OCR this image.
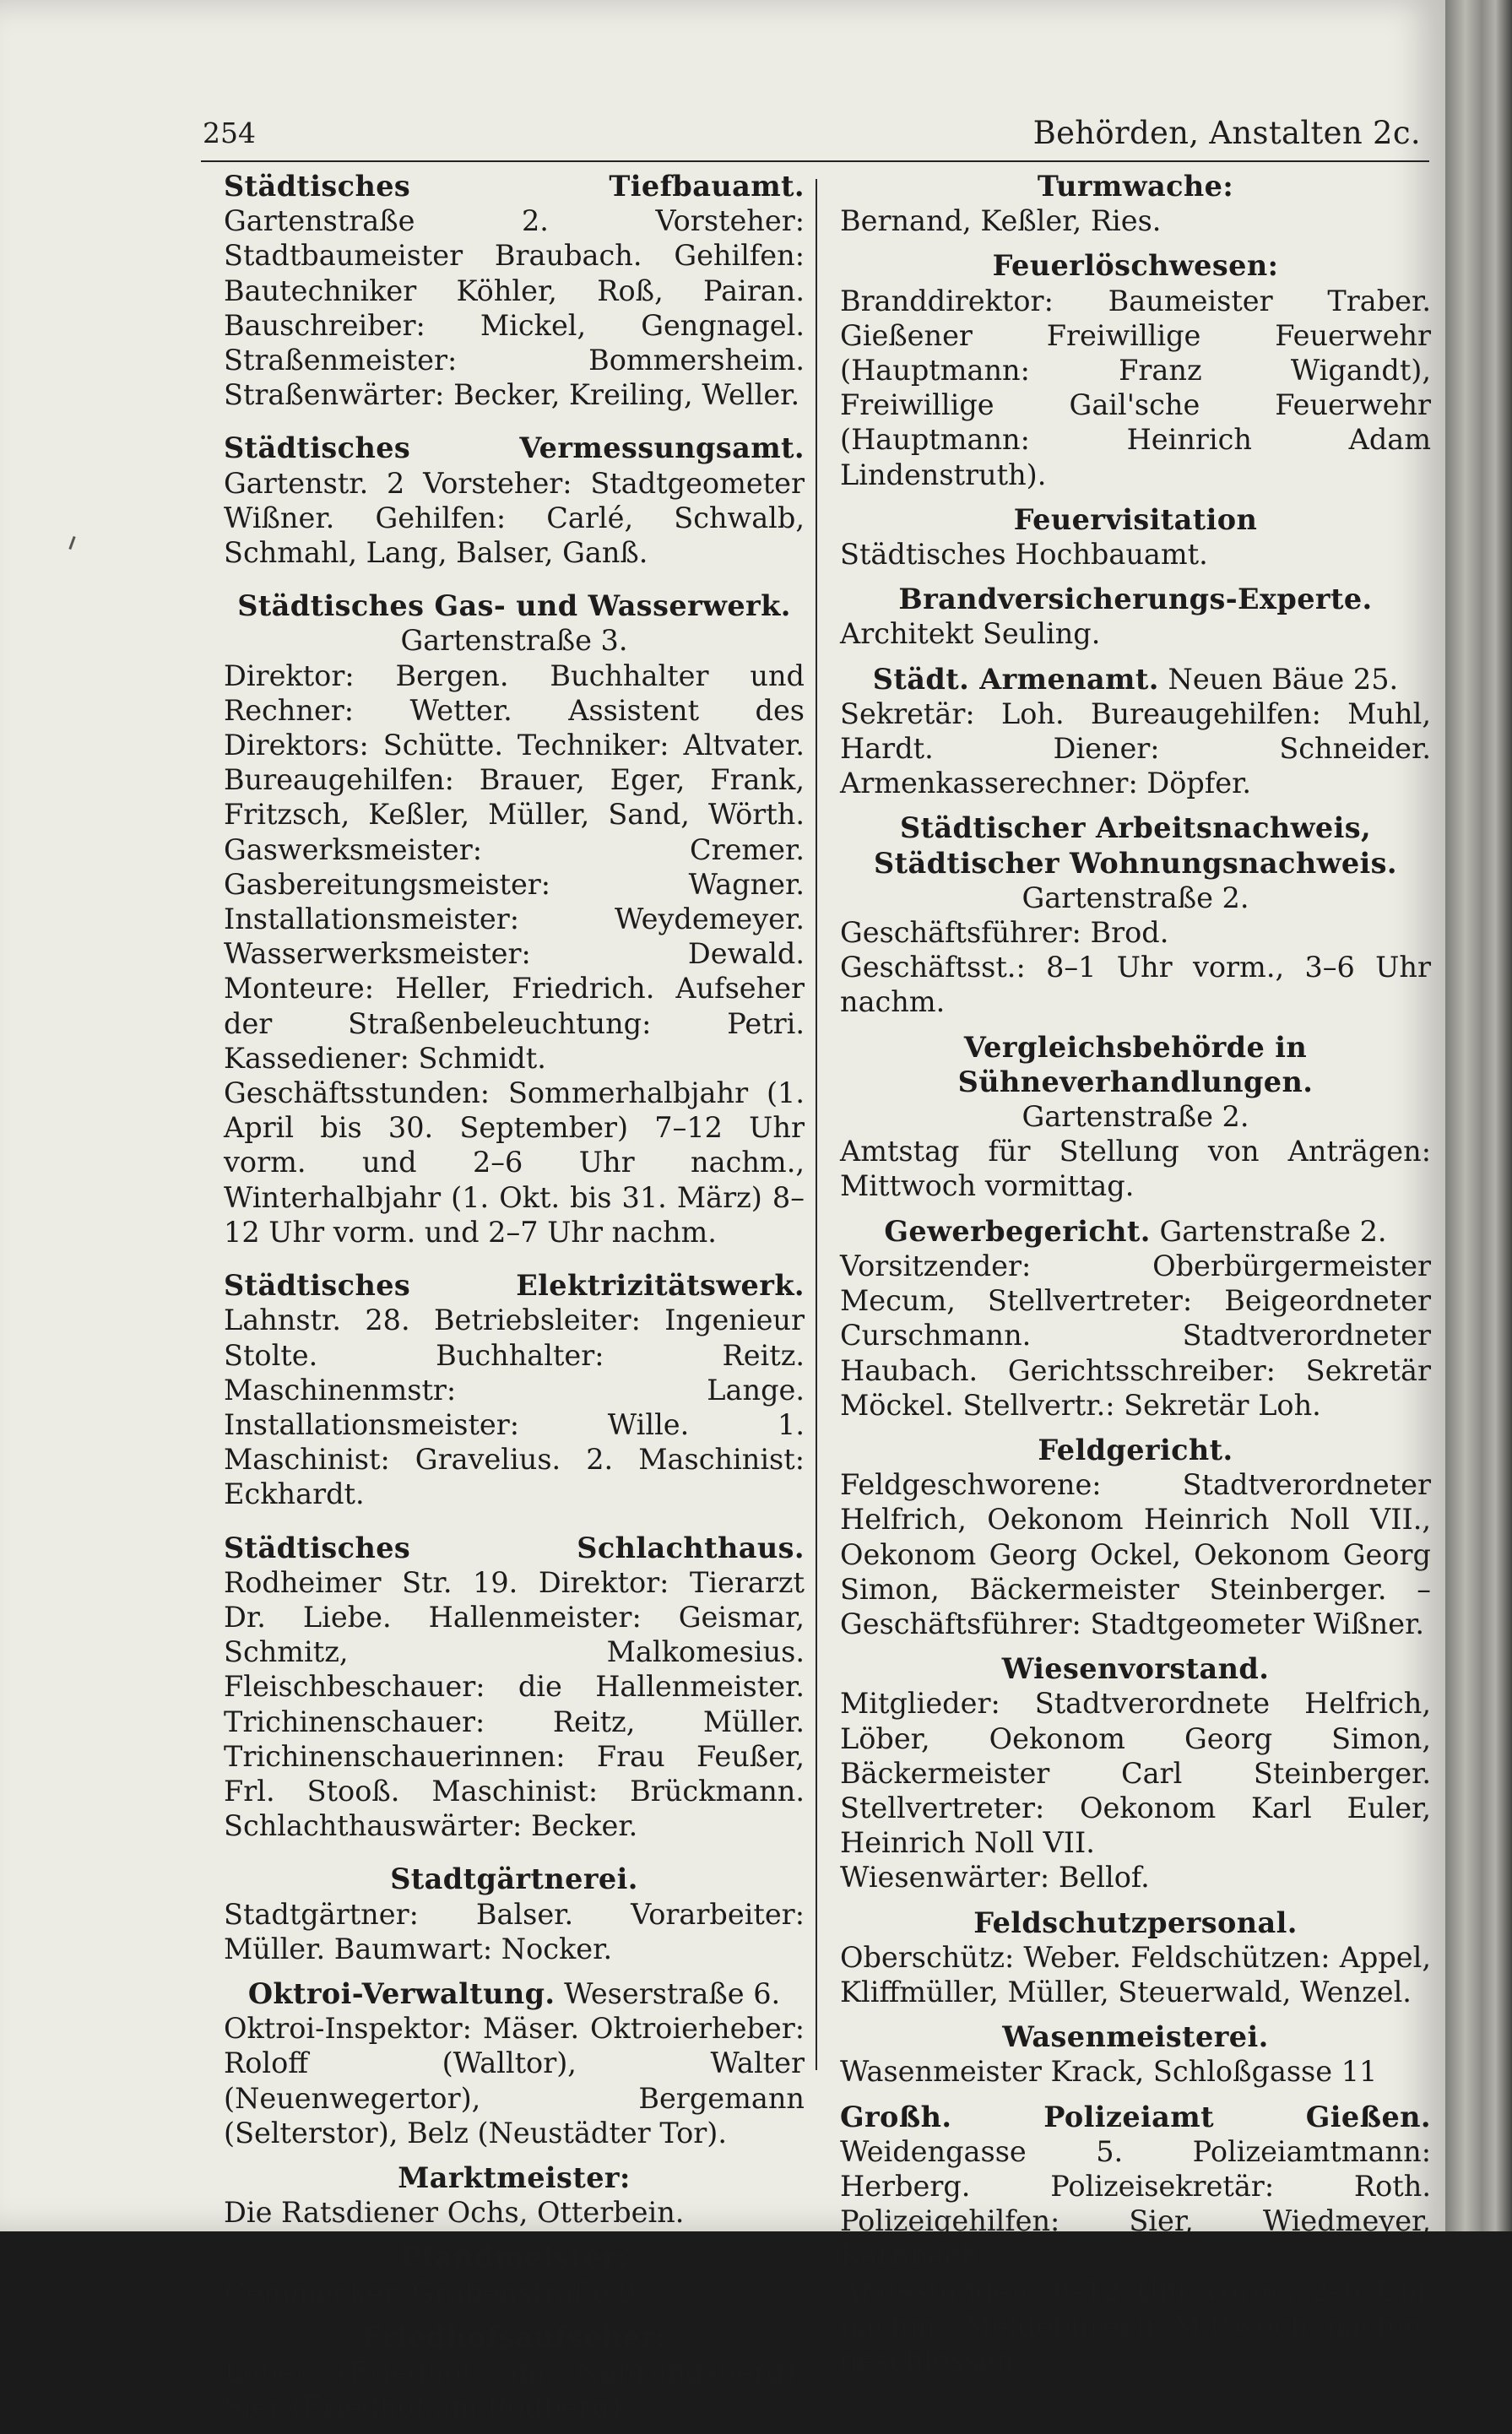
254	Behörden, Anstalten 2c.
Städtisches Tiefbauamt. Gartenstraße 2.	Vorsteher: Stadtbaumeister Braubach. Gehilfen: Bautechniker Köhler, Roß, Pairan. Bauschreiber: Mickel, Gengnagel. Straßenmeister: Bommersheim. Straßenwärter: Becker, Kreiling, Weller.
Städtisches Vermessungsamt. Gartenstr. 2 Vorsteher: Stadtgeometer Wißner. Gehilfen: Carlé, Schwalb, Schmahl, Lang, Balser, Ganß.
Städtisches Gas- und Wasserwerk.
Gartenstraße 3.
Direktor: Bergen. Buchhalter und Rechner: Wetter. Assistent des Direktors: Schütte. Techniker: Altvater. Bureaugehilfen: Brauer, Eger, Frank, Fritzsch, Keßler, Müller, Sand, Wörth. Gaswerksmeister: Cremer. Gasbereitungsmeister: Wagner. Installationsmeister: Weydemeyer. Wasserwerksmeister: Dewald. Monteure: Heller, Friedrich. Aufseher der Straßenbeleuchtung: Petri. Kassediener: Schmidt.
Geschäftsstunden: Sommerhalbjahr (1. April bis 30. September) 7–12 Uhr vorm. und 2–6 Uhr nachm., Winterhalbjahr (1. Okt. bis 31. März) 8–12 Uhr vorm. und 2–7 Uhr nachm.
Städtisches Elektrizitätswerk. Lahnstr. 28. Betriebsleiter: Ingenieur Stolte. Buchhalter: Reitz. Maschinenmstr: Lange. Installationsmeister: Wille. 1. Maschinist: Gravelius. 2. Maschinist: Eckhardt.
Städtisches Schlachthaus. Rodheimer Str. 19. Direktor: Tierarzt Dr. Liebe. Hallenmeister: Geismar, Schmitz, Malkomesius. Fleischbeschauer: die Hallenmeister. Trichinenschauer: Reitz, Müller. Trichinenschauerinnen: Frau Feußer, Frl. Stooß. Maschinist: Brückmann. Schlachthauswärter: Becker.
Stadtgärtnerei.
Stadtgärtner: Balser. Vorarbeiter: Müller. Baumwart: Nocker.
Oktroi-Verwaltung. Weserstraße 6.
Oktroi-Inspektor: Mäser. Oktroierheber: Roloff (Walltor), Walter (Neuenwegertor), Bergemann (Selterstor), Belz (Neustädter Tor).
Marktmeister:
Die Ratsdiener Ochs, Otterbein.
Pfandmeister:
Gemmecker, Grabenstraße 9.
Friedhofsaufseher:
Löber (Friedhof am Nahrungsberg), Sier (Friedhof am Rodberg).
Turmwache:
Bernand, Keßler, Ries.
Feuerlöschwesen:
Branddirektor: Baumeister Traber. Gießener Freiwillige Feuerwehr (Hauptmann: Franz Wigandt), Freiwillige Gail'sche Feuerwehr (Hauptmann: Heinrich Adam Lindenstruth).
Feuervisitation
Städtisches Hochbauamt.
Brandversicherungs-Experte.
Architekt Seuling.
Städt. Armenamt. Neuen Bäue 25.
Sekretär: Loh. Bureaugehilfen: Muhl, Hardt. Diener: Schneider. Armenkasserechner: Döpfer.
Städtischer Arbeitsnachweis,
Städtischer Wohnungsnachweis.
Gartenstraße 2.
Geschäftsführer: Brod.
Geschäftsst.: 8–1 Uhr vorm., 3–6 Uhr nachm.
Vergleichsbehörde in Sühneverhandlungen.
Gartenstraße 2.
Amtstag für Stellung von Anträgen: Mittwoch vormittag.
Gewerbegericht. Gartenstraße 2.
Vorsitzender: Oberbürgermeister Mecum, Stellvertreter: Beigeordneter Curschmann. Stadtverordneter Haubach. Gerichtsschreiber: Sekretär Möckel. Stellvertr.: Sekretär Loh.
Feldgericht.
Feldgeschworene: Stadtverordneter Helfrich, Oekonom Heinrich Noll VII., Oekonom Georg Ockel, Oekonom Georg Simon, Bäckermeister Steinberger. – Geschäftsführer: Stadtgeometer Wißner.
Wiesenvorstand.
Mitglieder: Stadtverordnete Helfrich, Löber, Oekonom Georg Simon, Bäckermeister Carl Steinberger. Stellvertreter: Oekonom Karl Euler, Heinrich Noll VII.
Wiesenwärter: Bellof.
Feldschutzpersonal.
Oberschütz: Weber. Feldschützen: Appel, Kliffmüller, Müller, Steuerwald, Wenzel.
Wasenmeisterei.
Wasenmeister Krack, Schloßgasse 11
Großh. Polizeiamt Gießen. Weidengasse 5. Polizeiamtmann: Herberg. Polizeisekretär: Roth. Polizeigehilfen: Sier, Wiedmeyer, Karnbach.
Amtsstunden: 8–12 Uhr vorm., 2–6 Uhr nachm. Meldebureau Mittwoch nachm. geschlossen.
